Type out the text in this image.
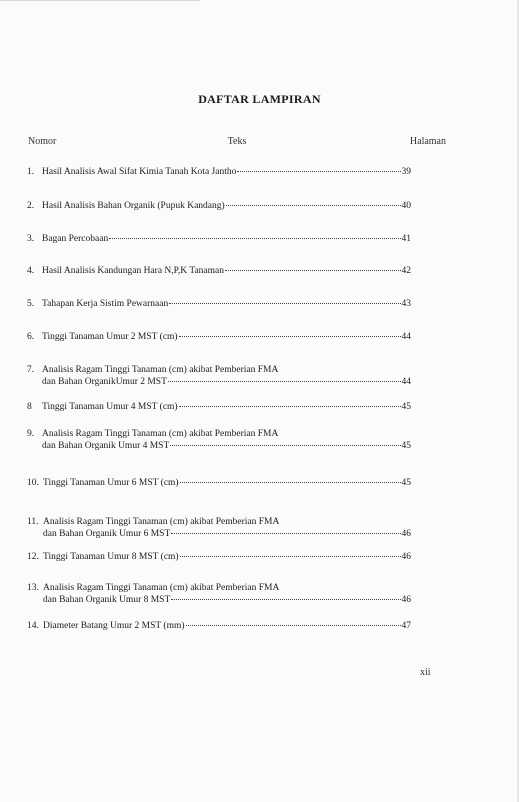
DAFTAR LAMPIRAN
Nomor	Teks	Halaman
1. Hasil Analisis Awal Sifat Kimia Tanah Kota Jantho	39
2. Hasil Analisis Bahan Organik (Pupuk Kandang)	40
3. Bagan Percobaan	41
4. Hasil Analisis Kandungan Hara N,P,K Tanaman	42
5. Tahapan Kerja Sistim Pewarnaan	43
6. Tinggi Tanaman Umur 2 MST (cm)	44
7. Analisis Ragam Tinggi Tanaman (cm) akibat Pemberian FMA
dan Bahan OrganikUmur 2 MST	44
8	Tinggi Tanaman Umur 4 MST (cm)	45
9. Analisis Ragam Tinggi Tanaman (cm) akibat Pemberian FMA
dan Bahan Organik Umur 4 MST	45
10. Tinggi Tanaman Umur 6 MST (cm)	45
11. Analisis Ragam Tinggi Tanaman (cm) akibat Pemberian FMA
dan Bahan Organik Umur 6 MST	46
12. Tinggi Tanaman Umur 8 MST (cm)	46
13. Analisis Ragam Tinggi Tanaman (cm) akibat Pemberian FMA
dan Bahan Organik Umur 8 MST	46
14. Diameter Batang Umur 2 MST (mm)	47
xii
